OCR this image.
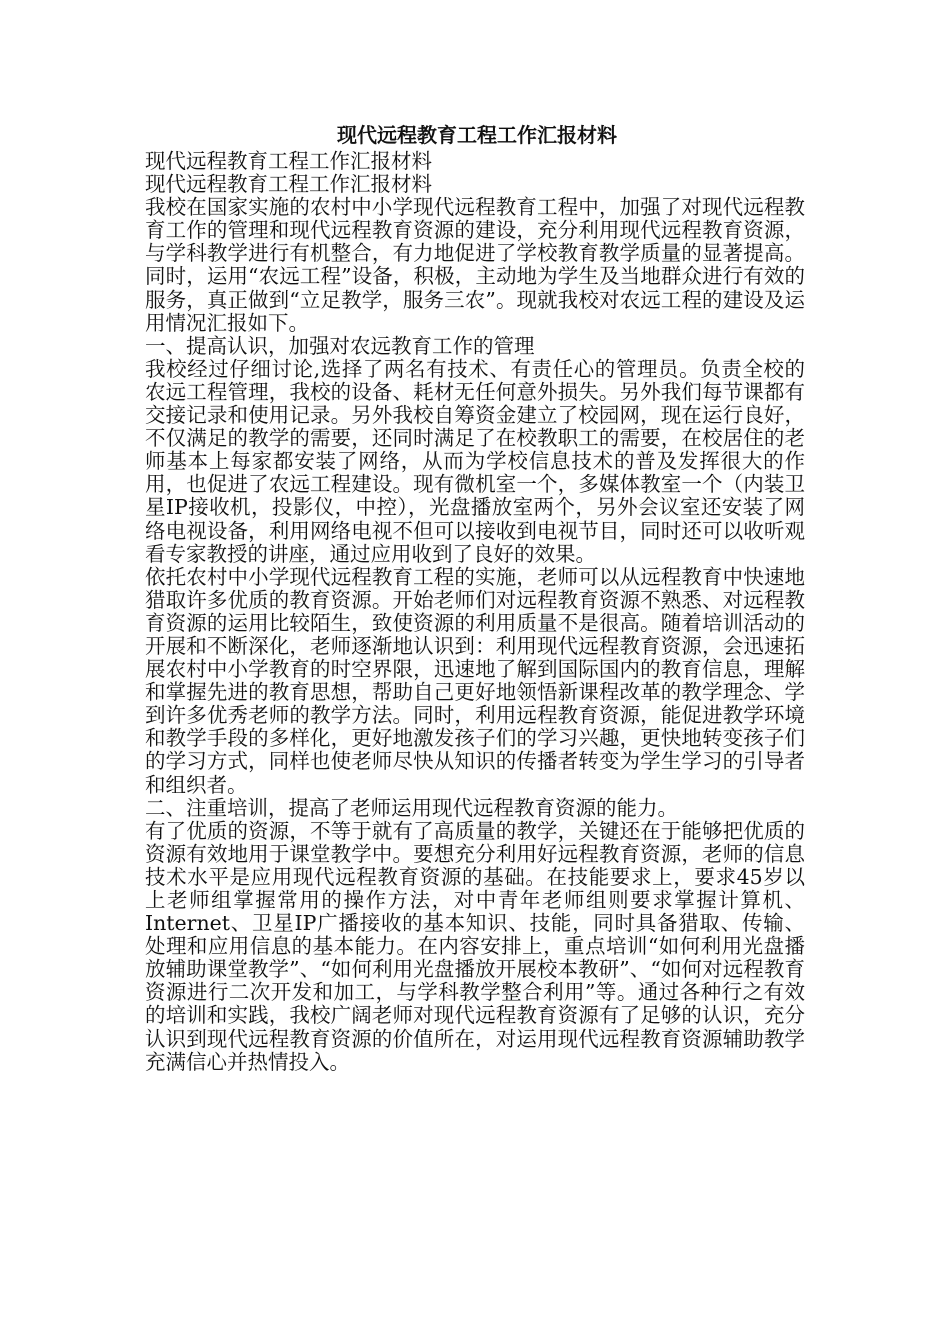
现代远程教育工程工作汇报材料
现代远程教育工程工作汇报材料
现代远程教育工程工作汇报材料
我校在国家实施的农村中小学现代远程教育工程中，加强了对现代远程教育工作的管理和现代远程教育资源的建设，充分利用现代远程教育资源，与学科教学进行有机整合，有力地促进了学校教育教学质量的显著提高。同时，运用“农远工程”设备，积极，主动地为学生及当地群众进行有效的服务，真正做到“立足教学，服务三农”。现就我校对农远工程的建设及运用情况汇报如下。
一、提高认识，加强对农远教育工作的管理
我校经过仔细讨论,选择了两名有技术、有责任心的管理员。负责全校的农远工程管理，我校的设备、耗材无任何意外损失。另外我们每节课都有交接记录和使用记录。另外我校自筹资金建立了校园网，现在运行良好，不仅满足的教学的需要，还同时满足了在校教职工的需要，在校居住的老师基本上每家都安装了网络，从而为学校信息技术的普及发挥很大的作用，也促进了农远工程建设。现有微机室一个，多媒体教室一个（内装卫星IP接收机，投影仪，中控），光盘播放室两个，另外会议室还安装了网络电视设备，利用网络电视不但可以接收到电视节目，同时还可以收听观看专家教授的讲座，通过应用收到了良好的效果。
依托农村中小学现代远程教育工程的实施，老师可以从远程教育中快速地猎取许多优质的教育资源。开始老师们对远程教育资源不熟悉、对远程教育资源的运用比较陌生，致使资源的利用质量不是很高。随着培训活动的开展和不断深化，老师逐渐地认识到：利用现代远程教育资源，会迅速拓展农村中小学教育的时空界限，迅速地了解到国际国内的教育信息，理解和掌握先进的教育思想，帮助自己更好地领悟新课程改革的教学理念、学到许多优秀老师的教学方法。同时，利用远程教育资源，能促进教学环境和教学手段的多样化，更好地激发孩子们的学习兴趣，更快地转变孩子们的学习方式，同样也使老师尽快从知识的传播者转变为学生学习的引导者和组织者。
二、注重培训，提高了老师运用现代远程教育资源的能力。
有了优质的资源，不等于就有了高质量的教学，关键还在于能够把优质的资源有效地用于课堂教学中。要想充分利用好远程教育资源，老师的信息技术水平是应用现代远程教育资源的基础。在技能要求上，要求45岁以上老师组掌握常用的操作方法，对中青年老师组则要求掌握计算机、Internet、卫星IP广播接收的基本知识、技能，同时具备猎取、传输、处理和应用信息的基本能力。在内容安排上，重点培训“如何利用光盘播放辅助课堂教学”、“如何利用光盘播放开展校本教研”、“如何对远程教育资源进行二次开发和加工，与学科教学整合利用”等。通过各种行之有效的培训和实践，我校广阔老师对现代远程教育资源有了足够的认识，充分认识到现代远程教育资源的价值所在，对运用现代远程教育资源辅助教学充满信心并热情投入。
